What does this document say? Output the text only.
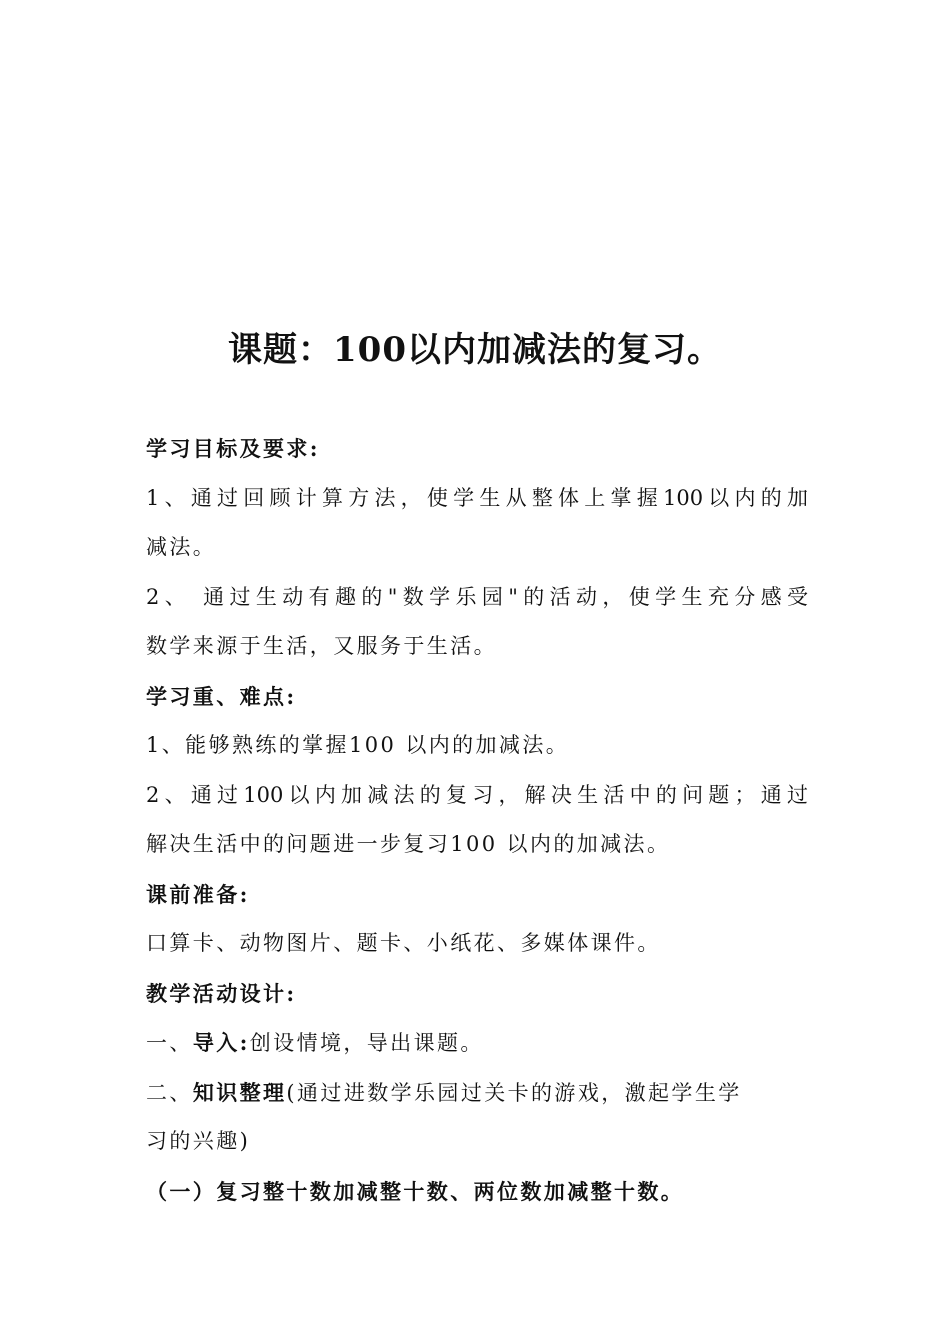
课题：100以内加减法的复习。
学习目标及要求:
1、通过回顾计算方法，使学生从整体上掌握100以内的加
减法。
2、 通过生动有趣的"数学乐园"的活动，使学生充分感受
数学来源于生活，又服务于生活。
学习重、难点:
1、能够熟练的掌握100 以内的加减法。
2、通过100以内加减法的复习，解决生活中的问题；通过
解决生活中的问题进一步复习100 以内的加减法。
课前准备:
口算卡、动物图片、题卡、小纸花、多媒体课件。
教学活动设计:
一、导入:创设情境，导出课题。
二、知识整理(通过进数学乐园过关卡的游戏，激起学生学
习的兴趣)
（一）复习整十数加减整十数、两位数加减整十数。
